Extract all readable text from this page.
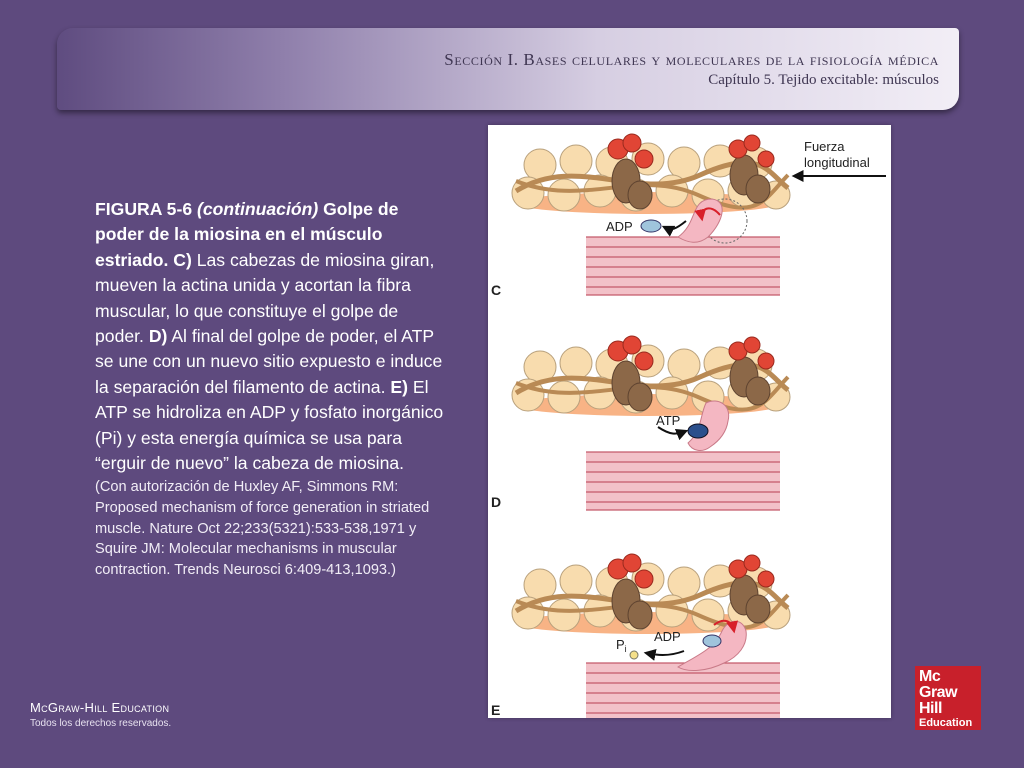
Sección I. Bases celulares y moleculares de la fisiología médica

Capítulo 5. Tejido excitable: músculos

FIGURA 5-6 (continuación) Golpe de poder de la miosina en el músculo estriado. C) Las cabezas de miosina giran, mueven la actina unida y acortan la fibra muscular, lo que constituye el golpe de poder. D) Al final del golpe de poder, el ATP se une con un nuevo sitio expuesto e induce la separación del filamento de actina. E) El ATP se hidroliza en ADP y fosfato inorgánico (Pi) y esta energía química se usa para “erguir de nuevo” la cabeza de miosina.

(Con autorización de Huxley AF, Simmons RM: Proposed mechanism of force generation in striated muscle. Nature Oct 22;233(5321):533-538,1971 y Squire JM: Molecular mechanisms in muscular contraction. Trends Neurosci 6:409-413,1093.)

ADP
Fuerza
longitudinal
C
ATP
D
ADP
$P_i$
E

McGraw-Hill Education

Todos los derechos reservados.

Mc
Graw
Hill
Education
